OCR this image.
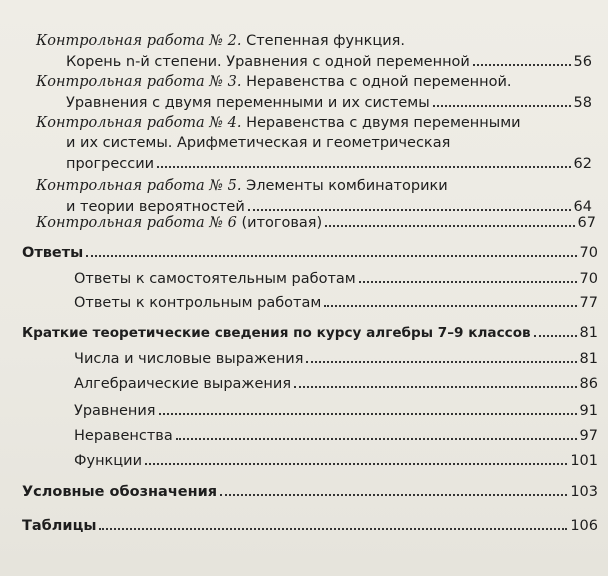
Контрольная работа № 2. Степенная функция.
Корень n-й степени. Уравнения с одной переменной	56
Контрольная работа № 3. Неравенства с одной переменной.
Уравнения с двумя переменными и их системы	58
Контрольная работа № 4. Неравенства с двумя переменными
и их системы. Арифметическая и геометрическая
прогрессии	62
Контрольная работа № 5. Элементы комбинаторики
и теории вероятностей	64
Контрольная работа № 6 (итоговая)	67
Ответы	70
Ответы к самостоятельным работам	70
Ответы к контрольным работам	77
Краткие теоретические сведения по курсу алгебры 7–9 классов	81
Числа и числовые выражения	81
Алгебраические выражения	86
Уравнения	91
Неравенства	97
Функции	101
Условные обозначения	103
Таблицы	106
